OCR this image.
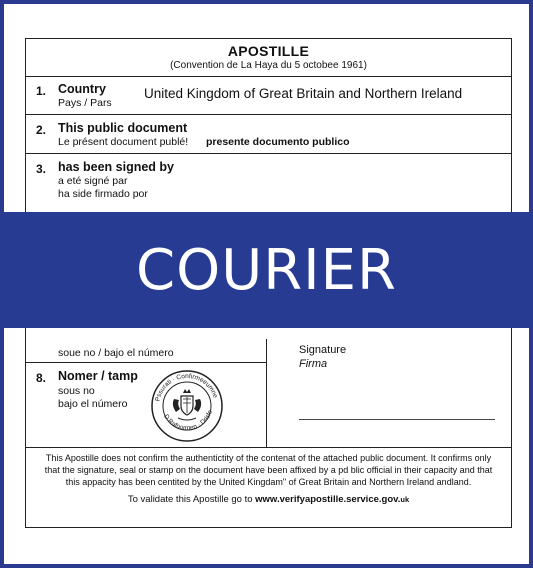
APOSTILLE
(Convention de La Haya du 5 octobee 1961)
1. Country
Pays / Pars
United Kingdom of Great Britain and Northern Ireland
2. This public document
Le présent document publé! presente documento publico
3. has been signed by
a eté signé par
ha side firmado por
soue no / bajo el número
8. Nomer / tamp
sous no
bajo el número	Pssurati · Confirmeeumne
D Rafoormen · Drisfe
Signature
Firma
This Apostille does not confirm the authentictity of the contenat of the attached public document. It confirms only that the signature, seal or stamp on the document have been affixed by a pd blic official in their capacity and that this appacity has been centited by the United Kingdam" of Great Britain and Northern Ireland andland.
To validate this Apostille go to www.verifyapostille.service.gov.uk
COURIER
